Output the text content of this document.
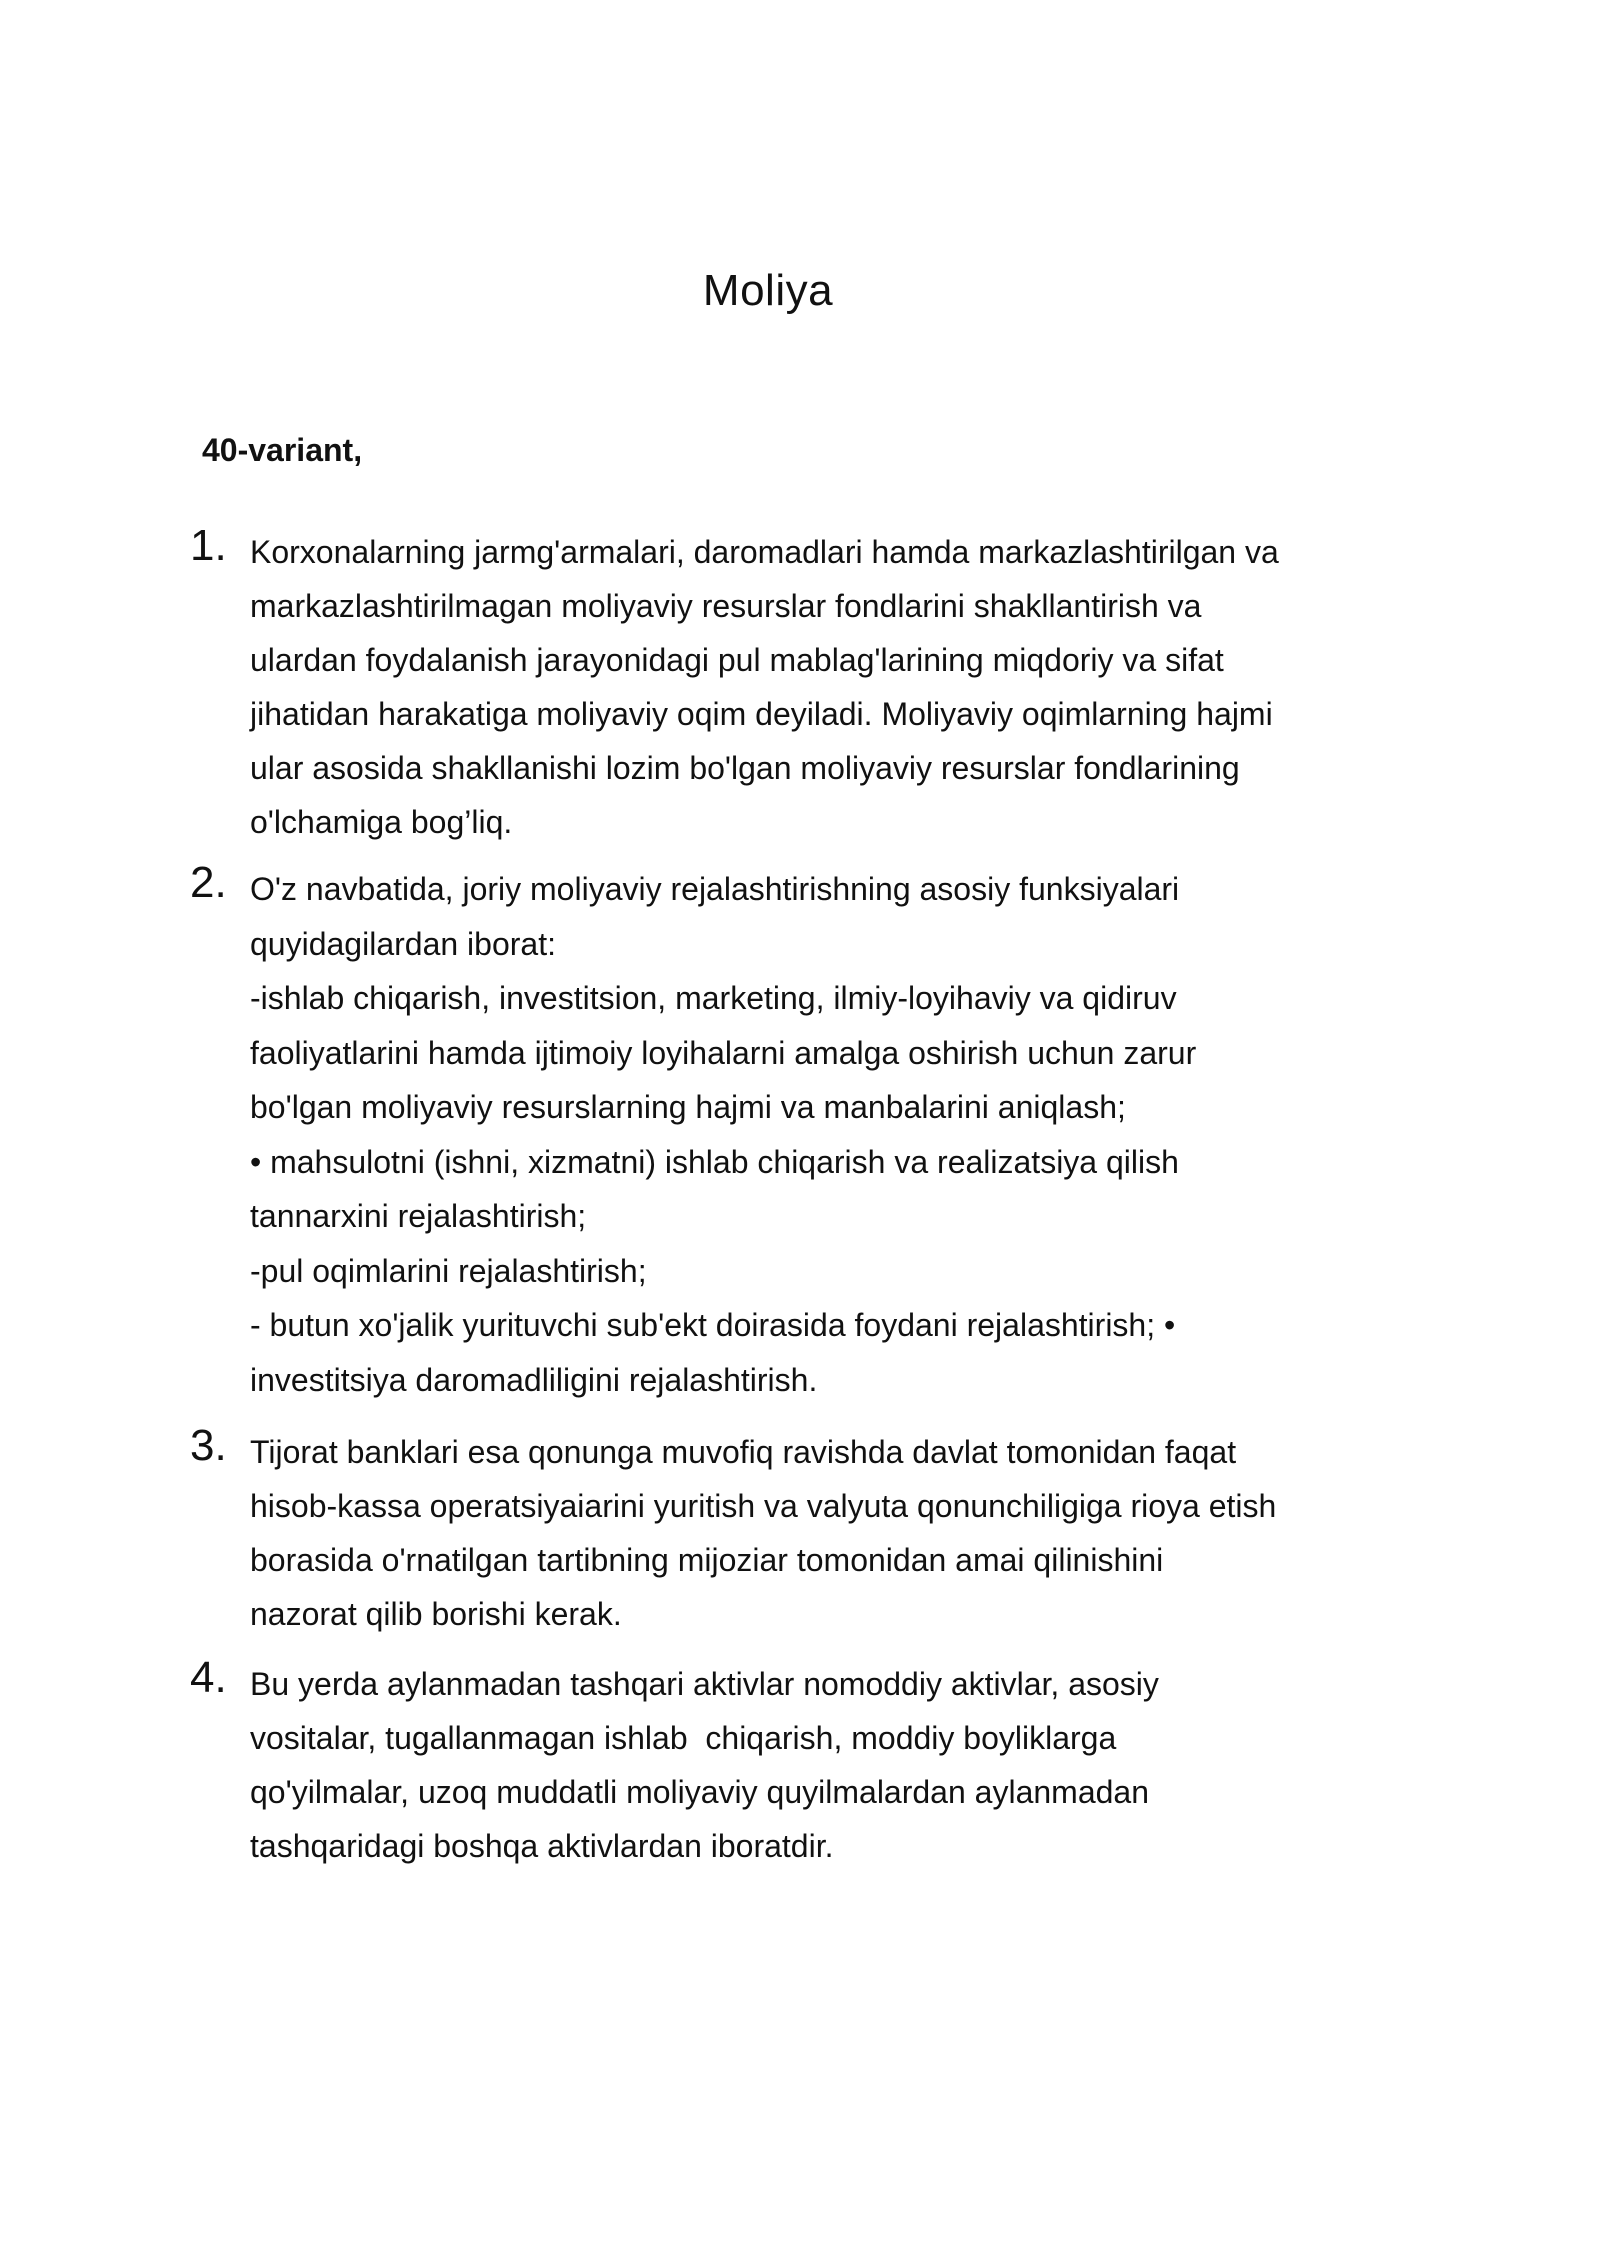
Moliya

40-variant,

1. Korxonalarning jarmg'armalari, daromadlari hamda markazlashtirilgan va
markazlashtirilmagan moliyaviy resurslar fondlarini shakllantirish va
ulardan foydalanish jarayonidagi pul mablag'larining miqdoriy va sifat
jihatidan harakatiga moliyaviy oqim deyiladi. Moliyaviy oqimlarning hajmi
ular asosida shakllanishi lozim bo'lgan moliyaviy resurslar fondlarining
o'lchamiga bog’liq.
2. O'z navbatida, joriy moliyaviy rejalashtirishning asosiy funksiyalari
quyidagilardan iborat:
-ishlab chiqarish, investitsion, marketing, ilmiy-loyihaviy va qidiruv
faoliyatlarini hamda ijtimoiy loyihalarni amalga oshirish uchun zarur
bo'lgan moliyaviy resurslarning hajmi va manbalarini aniqlash;
• mahsulotni (ishni, xizmatni) ishlab chiqarish va realizatsiya qilish
tannarxini rejalashtirish;
-pul oqimlarini rejalashtirish;
- butun xo'jalik yurituvchi sub'ekt doirasida foydani rejalashtirish; •
investitsiya daromadliligini rejalashtirish.
3. Tijorat banklari esa qonunga muvofiq ravishda davlat tomonidan faqat
hisob-kassa operatsiyaiarini yuritish va valyuta qonunchiligiga rioya etish
borasida o'rnatilgan tartibning mijoziar tomonidan amai qilinishini
nazorat qilib borishi kerak.
4. Bu yerda aylanmadan tashqari aktivlar nomoddiy aktivlar, asosiy
vositalar, tugallanmagan ishlab  chiqarish, moddiy boyliklarga
qo'yilmalar, uzoq muddatli moliyaviy quyilmalardan aylanmadan
tashqaridagi boshqa aktivlardan iboratdir.
